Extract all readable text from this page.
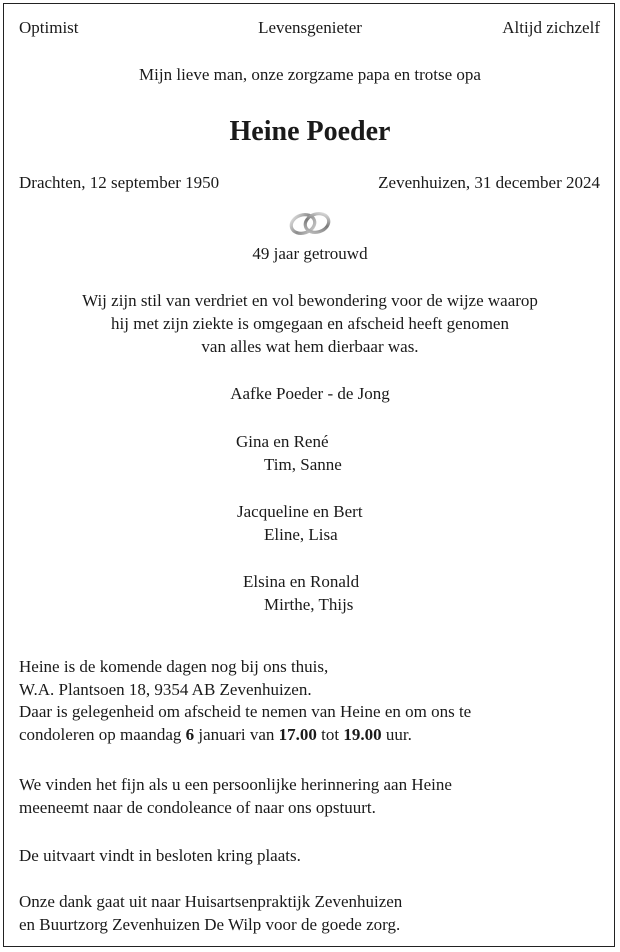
Optimist	Levensgenieter	Altijd zichzelf
Mijn lieve man, onze zorgzame papa en trotse opa
Heine Poeder
Drachten, 12 september 1950	Zevenhuizen, 31 december 2024
49 jaar getrouwd
Wij zijn stil van verdriet en vol bewondering voor de wijze waarop
hij met zijn ziekte is omgegaan en afscheid heeft genomen
van alles wat hem dierbaar was.
Aafke Poeder - de Jong
Gina en René
Tim, Sanne
Jacqueline en Bert
Eline, Lisa
Elsina en Ronald
Mirthe, Thijs
Heine is de komende dagen nog bij ons thuis,
W.A. Plantsoen 18, 9354 AB Zevenhuizen.
Daar is gelegenheid om afscheid te nemen van Heine en om ons te
condoleren op maandag 6 januari van 17.00 tot 19.00 uur.
We vinden het fijn als u een persoonlijke herinnering aan Heine
meeneemt naar de condoleance of naar ons opstuurt.
De uitvaart vindt in besloten kring plaats.
Onze dank gaat uit naar Huisartsenpraktijk Zevenhuizen
en Buurtzorg Zevenhuizen De Wilp voor de goede zorg.
